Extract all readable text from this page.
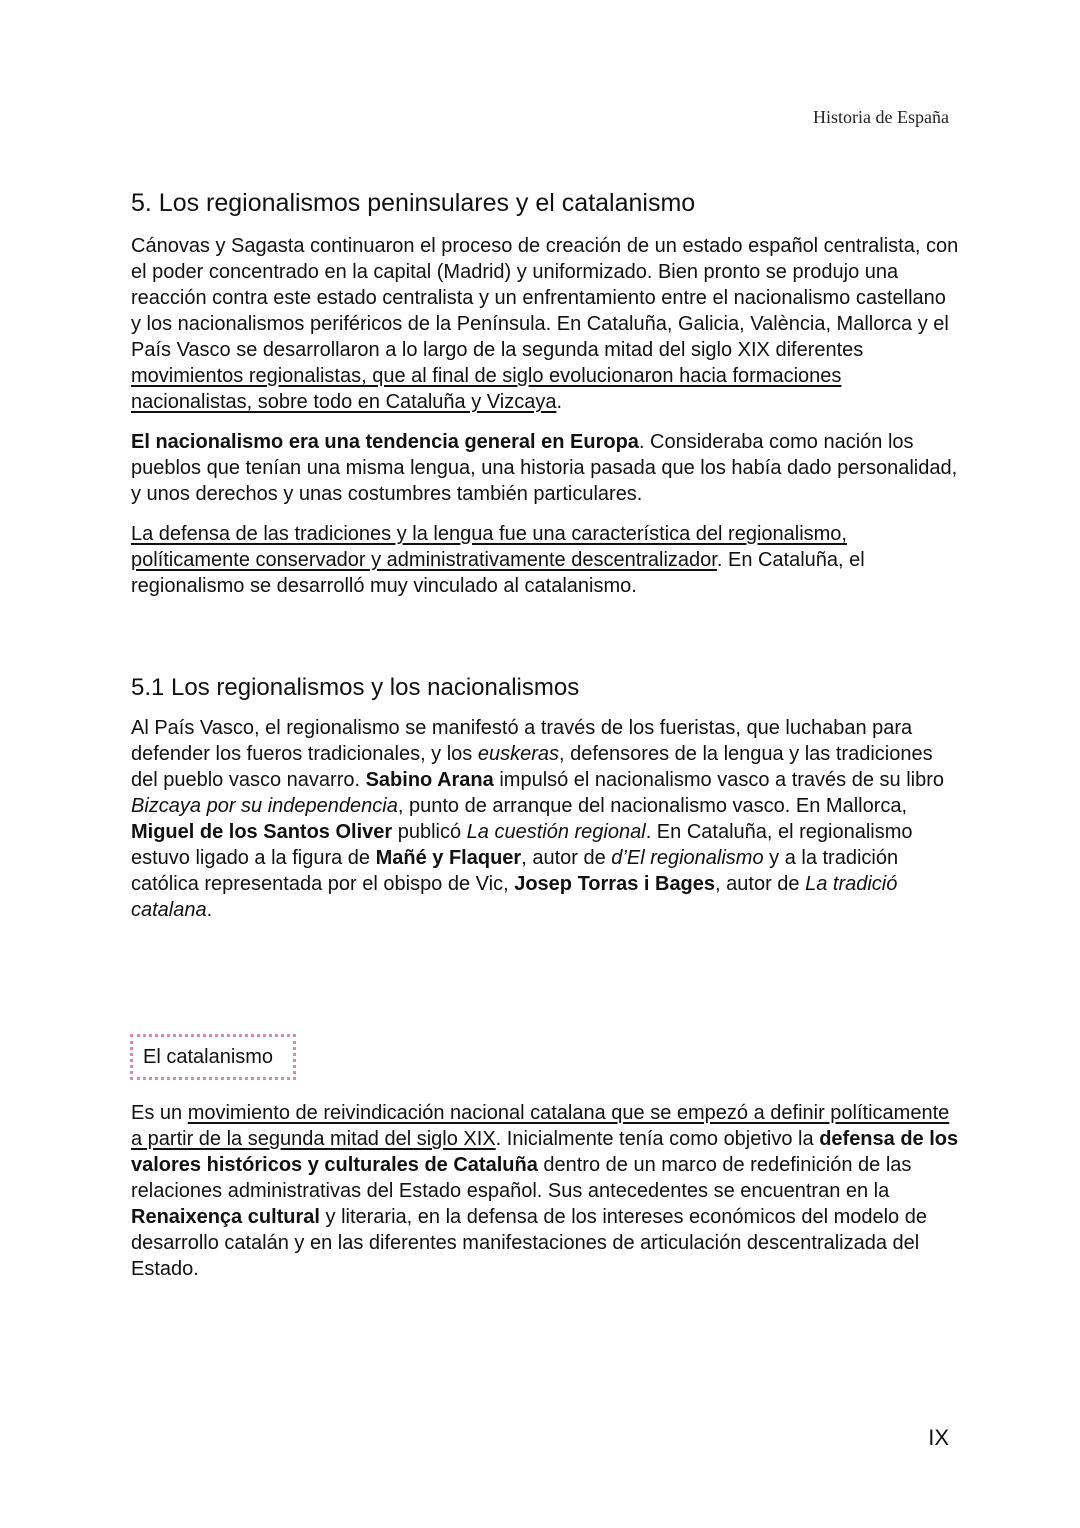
Historia de España
5. Los regionalismos peninsulares y el catalanismo

Cánovas y Sagasta continuaron el proceso de creación de un estado español centralista, con el poder concentrado en la capital (Madrid) y uniformizado. Bien pronto se produjo una reacción contra este estado centralista y un enfrentamiento entre el nacionalismo castellano y los nacionalismos periféricos de la Península. En Cataluña, Galicia, València, Mallorca y el País Vasco se desarrollaron a lo largo de la segunda mitad del siglo XIX diferentes movimientos regionalistas, que al final de siglo evolucionaron hacia formaciones nacionalistas, sobre todo en Cataluña y Vizcaya.

El nacionalismo era una tendencia general en Europa. Consideraba como nación los pueblos que tenían una misma lengua, una historia pasada que los había dado personalidad, y unos derechos y unas costumbres también particulares.

La defensa de las tradiciones y la lengua fue una característica del regionalismo, políticamente conservador y administrativamente descentralizador. En Cataluña, el regionalismo se desarrolló muy vinculado al catalanismo.

5.1 Los regionalismos y los nacionalismos

Al País Vasco, el regionalismo se manifestó a través de los fueristas, que luchaban para defender los fueros tradicionales, y los euskeras, defensores de la lengua y las tradiciones del pueblo vasco navarro. Sabino Arana impulsó el nacionalismo vasco a través de su libro Bizcaya por su independencia, punto de arranque del nacionalismo vasco. En Mallorca, Miguel de los Santos Oliver publicó La cuestión regional. En Cataluña, el regionalismo estuvo ligado a la figura de Mañé y Flaquer, autor de d’El regionalismo y a la tradición católica representada por el obispo de Vic, Josep Torras i Bages, autor de La tradició catalana.

El catalanismo

Es un movimiento de reivindicación nacional catalana que se empezó a definir políticamente a partir de la segunda mitad del siglo XIX. Inicialmente tenía como objetivo la defensa de los valores históricos y culturales de Cataluña dentro de un marco de redefinición de las relaciones administrativas del Estado español. Sus antecedentes se encuentran en la Renaixença cultural y literaria, en la defensa de los intereses económicos del modelo de desarrollo catalán y en las diferentes manifestaciones de articulación descentralizada del Estado.

IX
